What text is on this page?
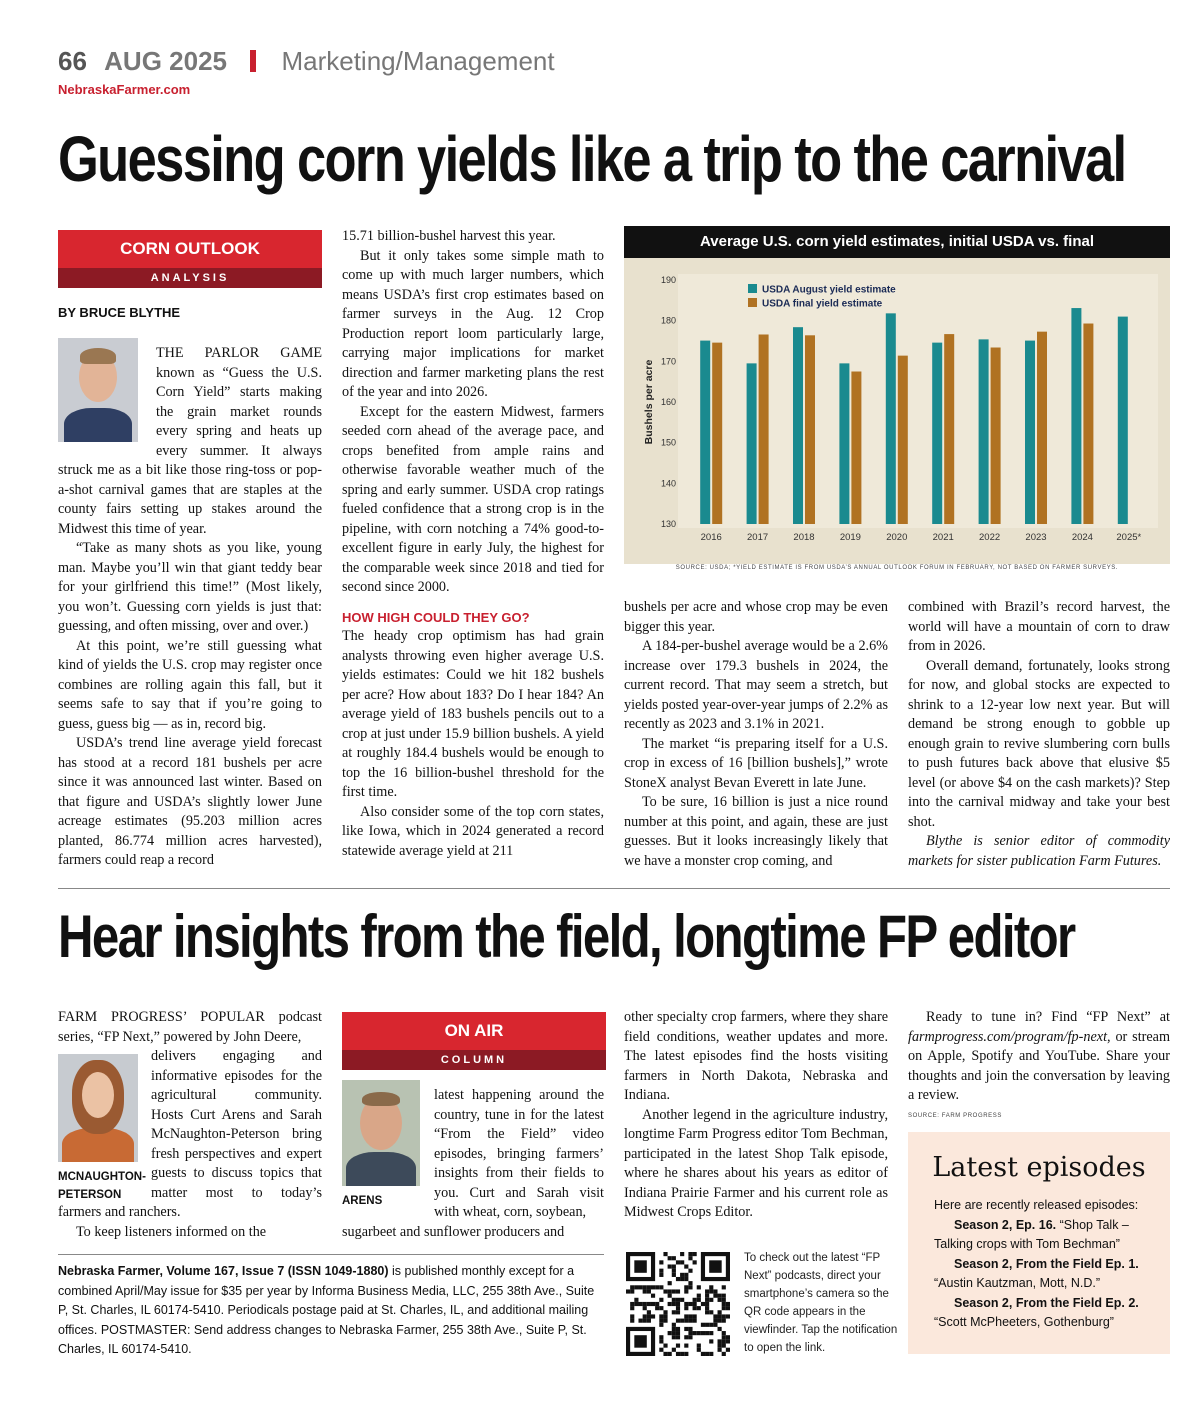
66 AUG 2025 Marketing/Management
NebraskaFarmer.com
Guessing corn yields like a trip to the carnival
CORN OUTLOOK
ANALYSIS
BY BRUCE BLYTHE

THE PARLOR GAME known as “Guess the U.S. Corn Yield” starts making the grain market rounds every spring and heats up every summer. It always struck me as a bit like those ring-toss or pop-a-shot carnival games that are staples at the county fairs setting up stakes around the Midwest this time of year.

“Take as many shots as you like, young man. Maybe you’ll win that giant teddy bear for your girlfriend this time!” (Most likely, you won’t. Guessing corn yields is just that: guessing, and often missing, over and over.)

At this point, we’re still guessing what kind of yields the U.S. crop may register once combines are rolling again this fall, but it seems safe to say that if you’re going to guess, guess big — as in, record big.

USDA’s trend line average yield forecast has stood at a record 181 bushels per acre since it was announced last winter. Based on that figure and USDA’s slightly lower June acreage estimates (95.203 million acres planted, 86.774 million acres harvested), farmers could reap a record

15.71 billion-bushel harvest this year.

But it only takes some simple math to come up with much larger numbers, which means USDA’s first crop estimates based on farmer surveys in the Aug. 12 Crop Production report loom particularly large, carrying major implications for market direction and farmer marketing plans the rest of the year and into 2026.

Except for the eastern Midwest, farmers seeded corn ahead of the average pace, and crops benefited from ample rains and otherwise favorable weather much of the spring and early summer. USDA crop ratings fueled confidence that a strong crop is in the pipeline, with corn notching a 74% good-to-excellent figure in early July, the highest for the comparable week since 2018 and tied for second since 2000.

HOW HIGH COULD THEY GO?

The heady crop optimism has had grain analysts throwing even higher average U.S. yields estimates: Could we hit 182 bushels per acre? How about 183? Do I hear 184? An average yield of 183 bushels pencils out to a crop at just under 15.9 billion bushels. A yield at roughly 184.4 bushels would be enough to top the 16 billion-bushel threshold for the first time.

Also consider some of the top corn states, like Iowa, which in 2024 generated a record statewide average yield at 211

Average U.S. corn yield estimates, initial USDA vs. final
130
140
150
160
170
180
190
Bushels per acre
2016	2017	2018	2019	2020	2021	2022	2023	2024 2025*
USDA August yield estimate
USDA final yield estimate
SOURCE: USDA; *YIELD ESTIMATE IS FROM USDA’S ANNUAL OUTLOOK FORUM IN FEBRUARY, NOT BASED ON FARMER SURVEYS.

bushels per acre and whose crop may be even bigger this year.

A 184-per-bushel average would be a 2.6% increase over 179.3 bushels in 2024, the current record. That may seem a stretch, but yields posted year-over-year jumps of 2.2% as recently as 2023 and 3.1% in 2021.

The market “is preparing itself for a U.S. crop in excess of 16 [billion bushels],” wrote StoneX analyst Bevan Everett in late June.

To be sure, 16 billion is just a nice round number at this point, and again, these are just guesses. But it looks increasingly likely that we have a monster crop coming, and

combined with Brazil’s record harvest, the world will have a mountain of corn to draw from in 2026.

Overall demand, fortunately, looks strong for now, and global stocks are expected to shrink to a 12-year low next year. But will demand be strong enough to gobble up enough grain to revive slumbering corn bulls to push futures back above that elusive $5 level (or above $4 on the cash markets)? Step into the carnival midway and take your best shot.

Blythe is senior editor of commodity markets for sister publication Farm Futures.

Hear insights from the field, longtime FP editor
ON AIR
COLUMN
MCNAUGHTON-
PETERSON

FARM PROGRESS’ POPULAR podcast series, “FP Next,” powered by John Deere,

delivers engaging and informative episodes for the agricultural community. Hosts Curt Arens and Sarah McNaughton-Peterson bring fresh perspectives and expert guests to discuss topics that matter most to today’s farmers and ranchers.

To keep listeners informed on the

ARENS

latest happening around the country, tune in for the latest “From the Field” video episodes, bringing farmers’ insights from their fields to you. Curt and Sarah visit with wheat, corn, soybean,

sugarbeet and sunflower producers and

other specialty crop farmers, where they share field conditions, weather updates and more. The latest episodes find the hosts visiting farmers in North Dakota, Nebraska and Indiana.

Another legend in the agriculture industry, longtime Farm Progress editor Tom Bechman, participated in the latest Shop Talk episode, where he shares about his years as editor of Indiana Prairie Farmer and his current role as Midwest Crops Editor.

Ready to tune in? Find “FP Next” at farmprogress.com/program/fp-next, or stream on Apple, Spotify and YouTube. Share your thoughts and join the conversation by leaving a review.

SOURCE: FARM PROGRESS
Latest episodes
Here are recently released episodes:
Season 2, Ep. 16. “Shop Talk – Talking crops with Tom Bechman”
Season 2, From the Field Ep. 1. “Austin Kautzman, Mott, N.D.”
Season 2, From the Field Ep. 2. “Scott McPheeters, Gothenburg”
Nebraska Farmer, Volume 167, Issue 7 (ISSN 1049-1880) is published monthly except for a combined April/May issue for $35 per year by Informa Business Media, LLC, 255 38th Ave., Suite P, St. Charles, IL 60174-5410. Periodicals postage paid at St. Charles, IL, and additional mailing offices. POSTMASTER: Send address changes to Nebraska Farmer, 255 38th Ave., Suite P, St. Charles, IL 60174-5410.
To check out the latest “FP Next” podcasts, direct your smartphone’s camera so the QR code appears in the viewfinder. Tap the notification to open the link.
